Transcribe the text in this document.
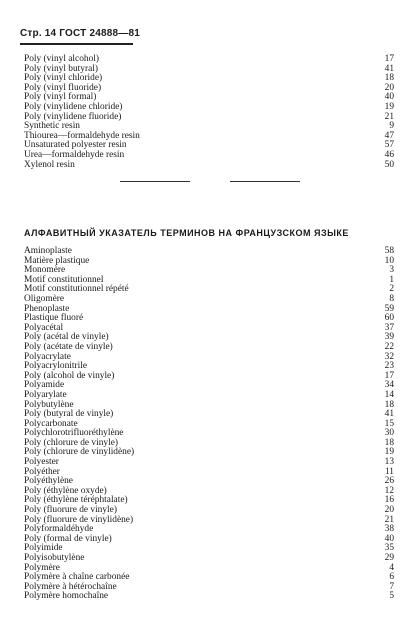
Стр. 14 ГОСТ 24888—81
Poly (vinyl alcohol)	17
Poly (vinyl butyral)	41
Poly (vinyl chloride)	18
Poly (vinyl fluoride)	20
Poly (vinyl formal)	40
Poly (vinylidene chloride)	19
Poly (vinylidene fluoride)	21
Synthetic resin	9
Thiourea—formaldehyde resin	47
Unsaturated polyester resin	57
Urea—formaldehyde resin	46
Xylenol resin	50
АЛФАВИТНЫЙ УКАЗАТЕЛЬ ТЕРМИНОВ НА ФРАНЦУЗСКОМ ЯЗЫКЕ
Aminoplaste	58
Matière plastique	10
Monomère	3
Motif constitutionnel	1
Motif constitutionnel répété	2
Oligomère	8
Phenoplaste	59
Plastique fluoré	60
Polyacétal	37
Poly (acétal de vinyle)	39
Poly (acétate de vinyle)	22
Polyacrylate	32
Polyacrylonitrile	23
Poly (alcohol de vinyle)	17
Polyamide	34
Polyarylate	14
Polybutylène	18
Poly (butyral de vinyle)	41
Polycarbonate	15
Polychlorotrifluoréthylène	30
Poly (chlorure de vinyle)	18
Poly (chlorure de vinylidène)	19
Polyester	13
Polyéther	11
Polyéthylène	26
Poly (éthylène oxyde)	12
Poly (éthylène téréphtalate)	16
Poly (fluorure de vinyle)	20
Poly (fluorure de vinylidène)	21
Polyformaldéhyde	38
Poly (formal de vinyle)	40
Polyimide	35
Polyisobutylène	29
Polymère	4
Polymère à chaîne carbonée	6
Polymère à hétérochaîne	7
Polymère homochaîne	5
